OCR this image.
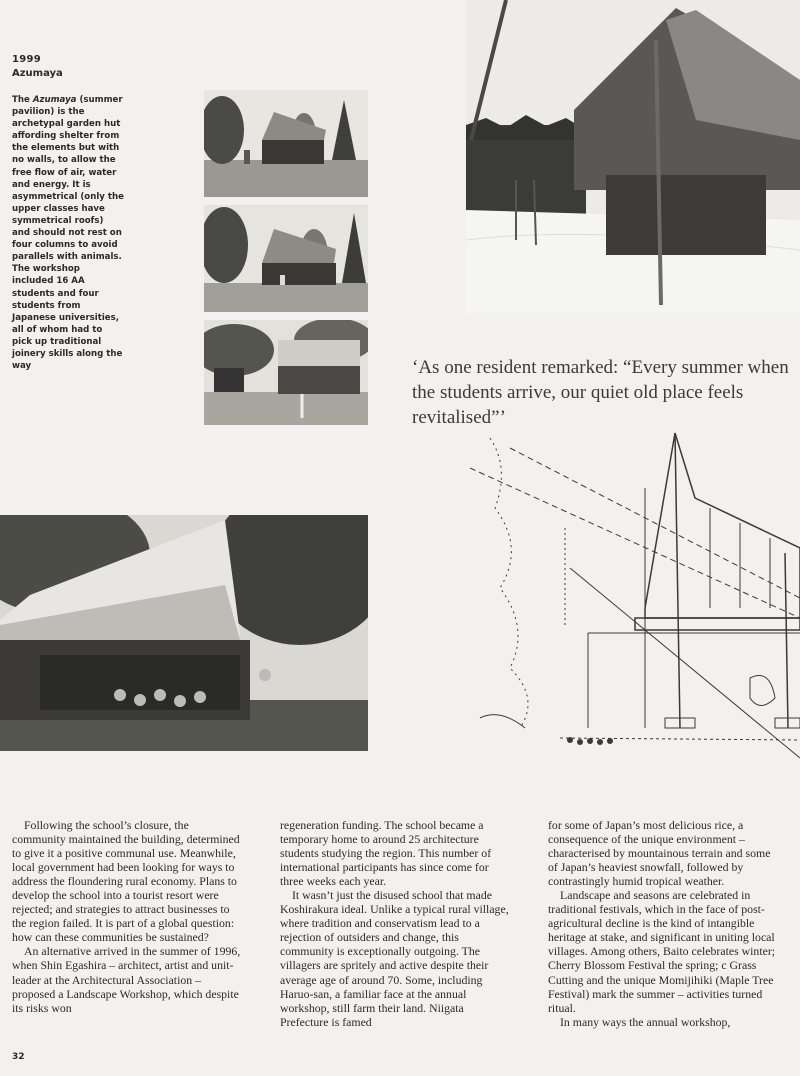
1999
Azumaya
The Azumaya (summer pavilion) is the archetypal garden hut affording shelter from the elements but with no walls, to allow the free flow of air, water and energy. It is asymmetrical (only the upper classes have symmetrical roofs) and should not rest on four columns to avoid parallels with animals. The workshop included 16 AA students and four students from Japanese universities, all of whom had to pick up traditional joinery skills along the way	‘As one resident remarked: “Every summer when the students arrive, our quiet old place feels revitalised”’

Following the school’s closure, the community maintained the building, determined to give it a positive communal use. Meanwhile, local government had been looking for ways to address the floundering rural economy. Plans to develop the school into a tourist resort were rejected; and strategies to attract businesses to the region failed. It is part of a global question: how can these communities be sustained?

An alternative arrived in the summer of 1996, when Shin Egashira – architect, artist and unit-leader at the Architectural Association – proposed a Landscape Workshop, which despite its risks won

regeneration funding. The school became a temporary home to around 25 architecture students studying the region. This number of international participants has since come for three weeks each year.

It wasn’t just the disused school that made Koshirakura ideal. Unlike a typical rural village, where tradition and conservatism lead to a rejection of outsiders and change, this community is exceptionally outgoing. The villagers are spritely and active despite their average age of around 70. Some, including Haruo-san, a familiar face at the annual workshop, still farm their land. Niigata Prefecture is famed

for some of Japan’s most delicious rice, a consequence of the unique environment – characterised by mountainous terrain and some of Japan’s heaviest snowfall, followed by contrastingly humid tropical weather.

Landscape and seasons are celebrated in traditional festivals, which in the face of post-agricultural decline is the kind of intangible heritage at stake, and significant in uniting local villages. Among others, Baito celebrates winter; Cherry Blossom Festival the spring; c Grass Cutting and the unique Momijihiki (Maple Tree Festival) mark the summer – activities turned ritual.

In many ways the annual workshop,

32
